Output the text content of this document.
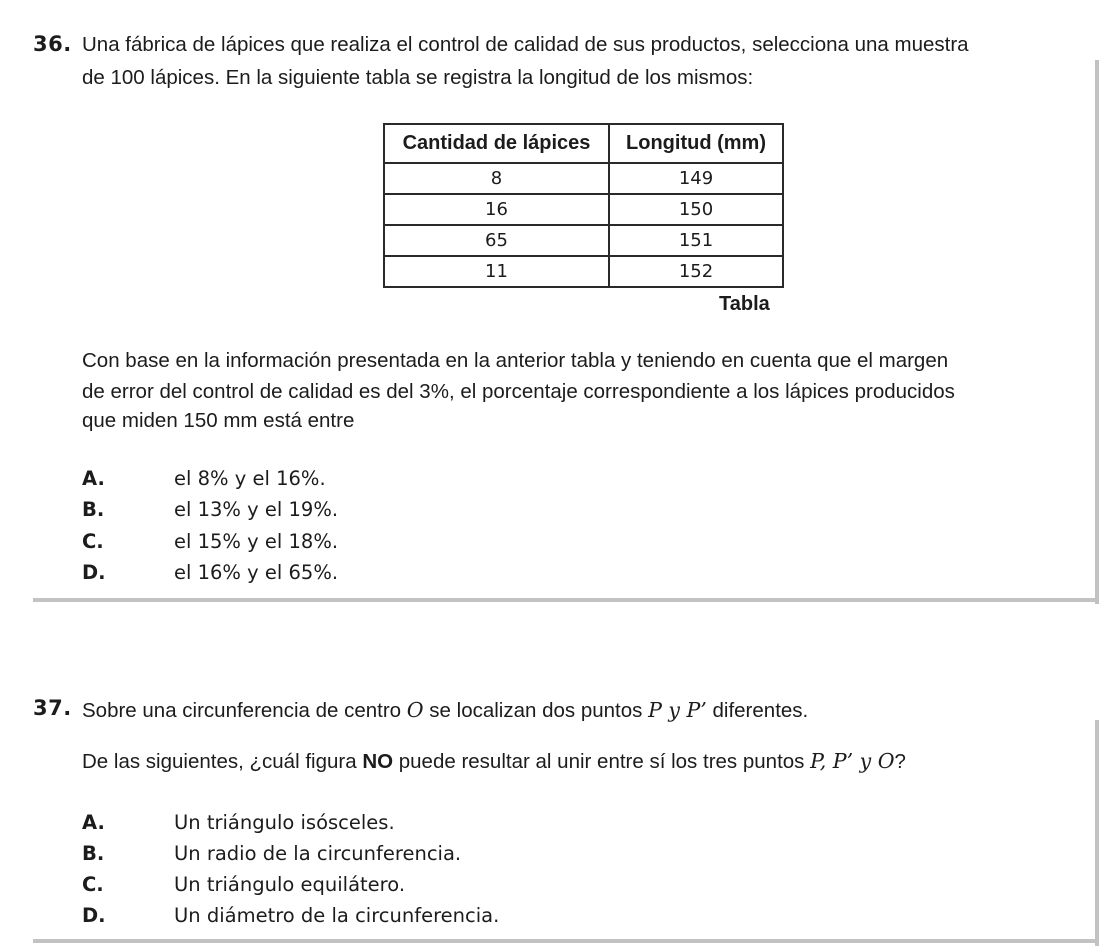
36. Una fábrica de lápices que realiza el control de calidad de sus productos, selecciona una muestra

de 100 lápices. En la siguiente tabla se registra la longitud de los mismos:

Cantidad de lápices	Longitud (mm)
8	149
16	150
65	151
11	152
Tabla

Con base en la información presentada en la anterior tabla y teniendo en cuenta que el margen

de error del control de calidad es del 3%, el porcentaje correspondiente a los lápices producidos

que miden 150 mm está entre

A.	el 8% y el 16%.
B.	el 13% y el 19%.
C.	el 15% y el 18%.
D.	el 16% y el 65%.
37. Sobre una circunferencia de centro O se localizan dos puntos P y P’ diferentes.

De las siguientes, ¿cuál figura NO puede resultar al unir entre sí los tres puntos P, P’ y O?

A.	Un triángulo isósceles.
B.	Un radio de la circunferencia.
C.	Un triángulo equilátero.
D.	Un diámetro de la circunferencia.
